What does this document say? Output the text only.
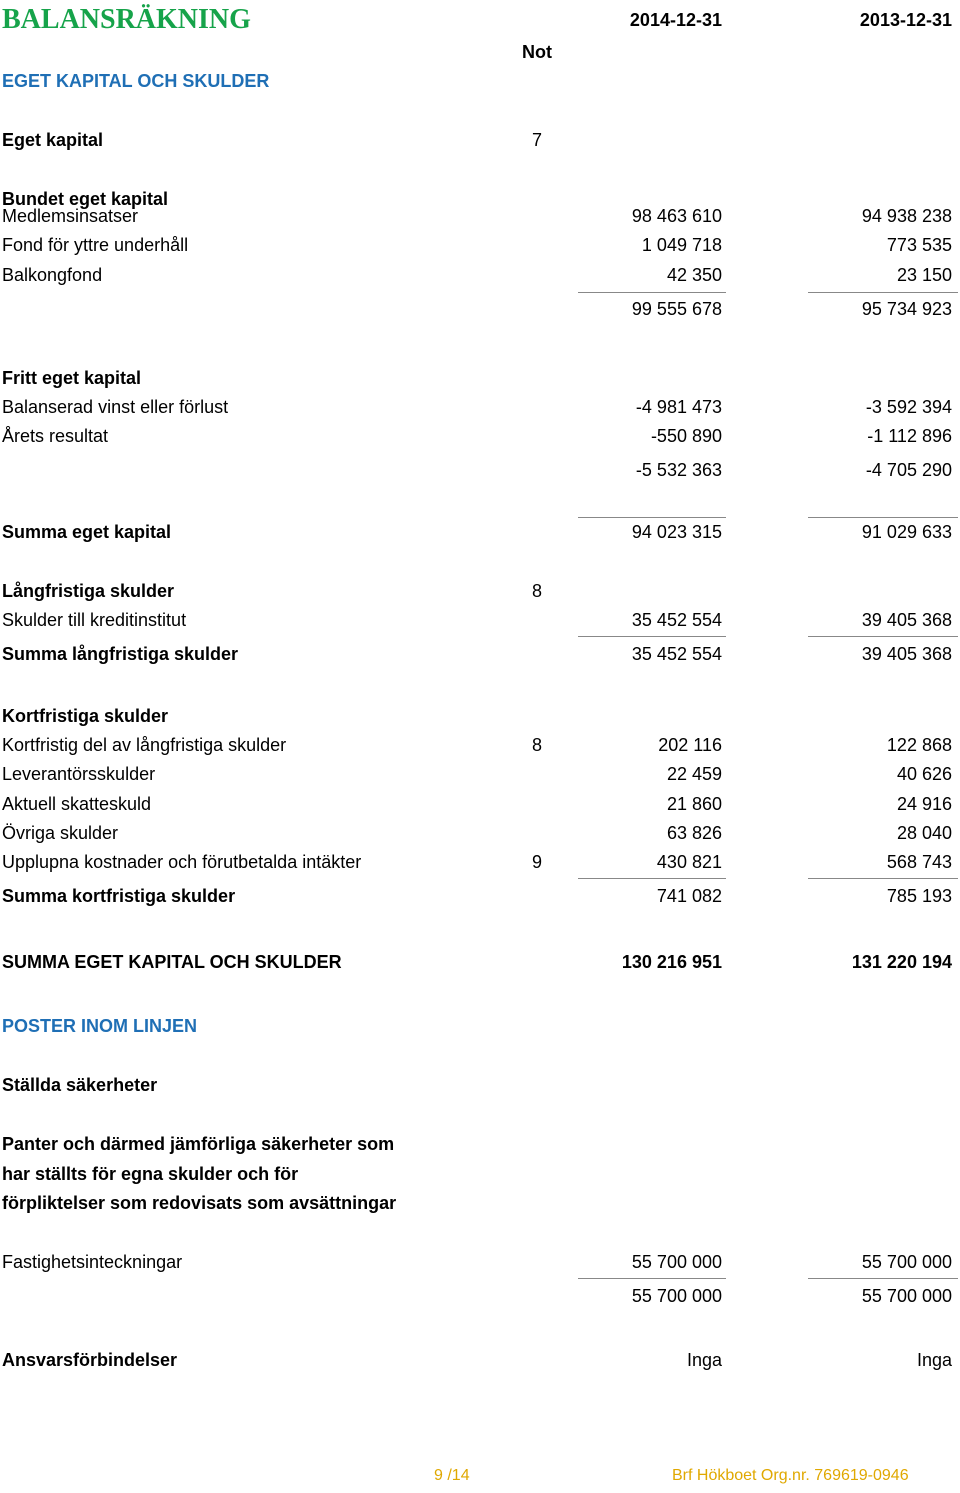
BALANSRÄKNING	2014-12-31	2013-12-31
Not
EGET KAPITAL OCH SKULDER
Eget kapital	7
Bundet eget kapital
Medlemsinsatser	98 463 610	94 938 238
Fond för yttre underhåll	1 049 718	773 535
Balkongfond	42 350	23 150
99 555 678	95 734 923
Fritt eget kapital
Balanserad vinst eller förlust	-4 981 473	-3 592 394
Årets resultat	-550 890	-1 112 896
-5 532 363	-4 705 290
Summa eget kapital	94 023 315	91 029 633
Långfristiga skulder	8
Skulder till kreditinstitut	35 452 554	39 405 368
Summa långfristiga skulder	35 452 554	39 405 368
Kortfristiga skulder
Kortfristig del av långfristiga skulder	8	202 116	122 868
Leverantörsskulder	22 459	40 626
Aktuell skatteskuld	21 860	24 916
Övriga skulder	63 826	28 040
Upplupna kostnader och förutbetalda intäkter	9	430 821	568 743
Summa kortfristiga skulder	741 082	785 193
SUMMA EGET KAPITAL OCH SKULDER	130 216 951	131 220 194
POSTER INOM LINJEN
Ställda säkerheter
Panter och därmed jämförliga säkerheter som
har ställts för egna skulder och för
förpliktelser som redovisats som avsättningar
Fastighetsinteckningar	55 700 000	55 700 000
55 700 000	55 700 000
Ansvarsförbindelser	Inga	Inga
9 /14	Brf Hökboet Org.nr. 769619-0946
